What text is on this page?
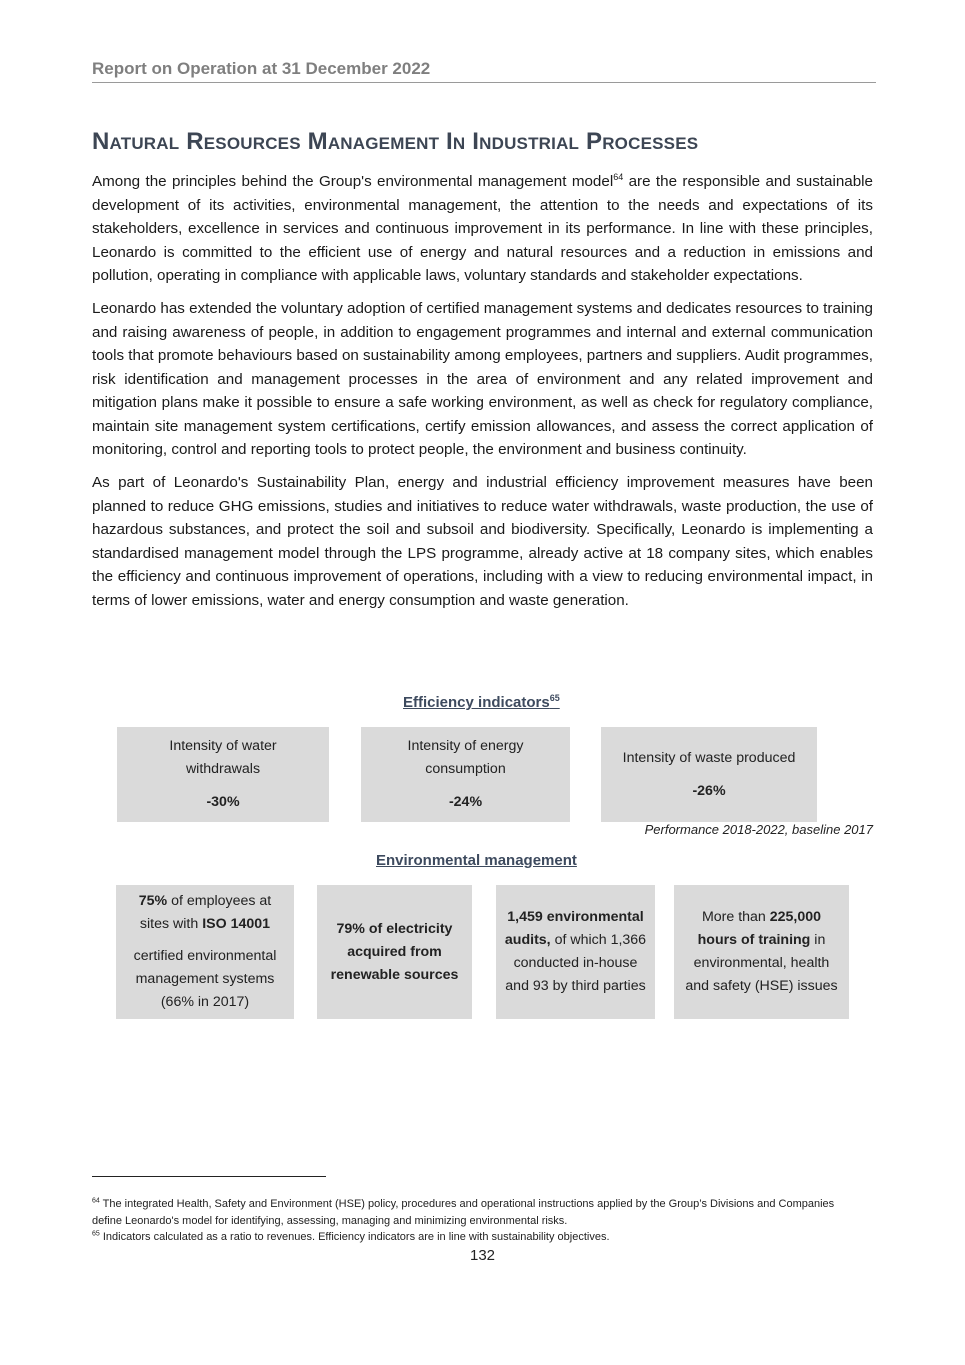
Report on Operation at 31 December 2022
Natural Resources Management In Industrial Processes

Among the principles behind the Group's environmental management model$^{64}$ are the responsible and sustainable development of its activities, environmental management, the attention to the needs and expectations of its stakeholders, excellence in services and continuous improvement in its performance. In line with these principles, Leonardo is committed to the efficient use of energy and natural resources and a reduction in emissions and pollution, operating in compliance with applicable laws, voluntary standards and stakeholder expectations.

Leonardo has extended the voluntary adoption of certified management systems and dedicates resources to training and raising awareness of people, in addition to engagement programmes and internal and external communication tools that promote behaviours based on sustainability among employees, partners and suppliers. Audit programmes, risk identification and management processes in the area of environment and any related improvement and mitigation plans make it possible to ensure a safe working environment, as well as check for regulatory compliance, maintain site management system certifications, certify emission allowances, and assess the correct application of monitoring, control and reporting tools to protect people, the environment and business continuity.

As part of Leonardo's Sustainability Plan, energy and industrial efficiency improvement measures have been planned to reduce GHG emissions, studies and initiatives to reduce water withdrawals, waste production, the use of hazardous substances, and protect the soil and subsoil and biodiversity. Specifically, Leonardo is implementing a standardised management model through the LPS programme, already active at 18 company sites, which enables the efficiency and continuous improvement of operations, including with a view to reducing environmental impact, in terms of lower emissions, water and energy consumption and waste generation.

Efficiency indicators$^{65}$
Intensity of water withdrawals
-30%
Intensity of energy consumption
-24%
Intensity of waste produced
-26%
Performance 2018-2022, baseline 2017
Environmental management

75% of employees at sites with ISO 14001

certified environmental management systems (66% in 2017)

79% of electricity acquired from renewable sources

1,459 environmental audits, of which 1,366 conducted in-house and 93 by third parties

More than 225,000 hours of training in environmental, health and safety (HSE) issues

$^{64}$ The integrated Health, Safety and Environment (HSE) policy, procedures and operational instructions applied by the Group’s Divisions and Companies define Leonardo's model for identifying, assessing, managing and minimizing environmental risks.

$^{65}$ Indicators calculated as a ratio to revenues. Efficiency indicators are in line with sustainability objectives.

132
